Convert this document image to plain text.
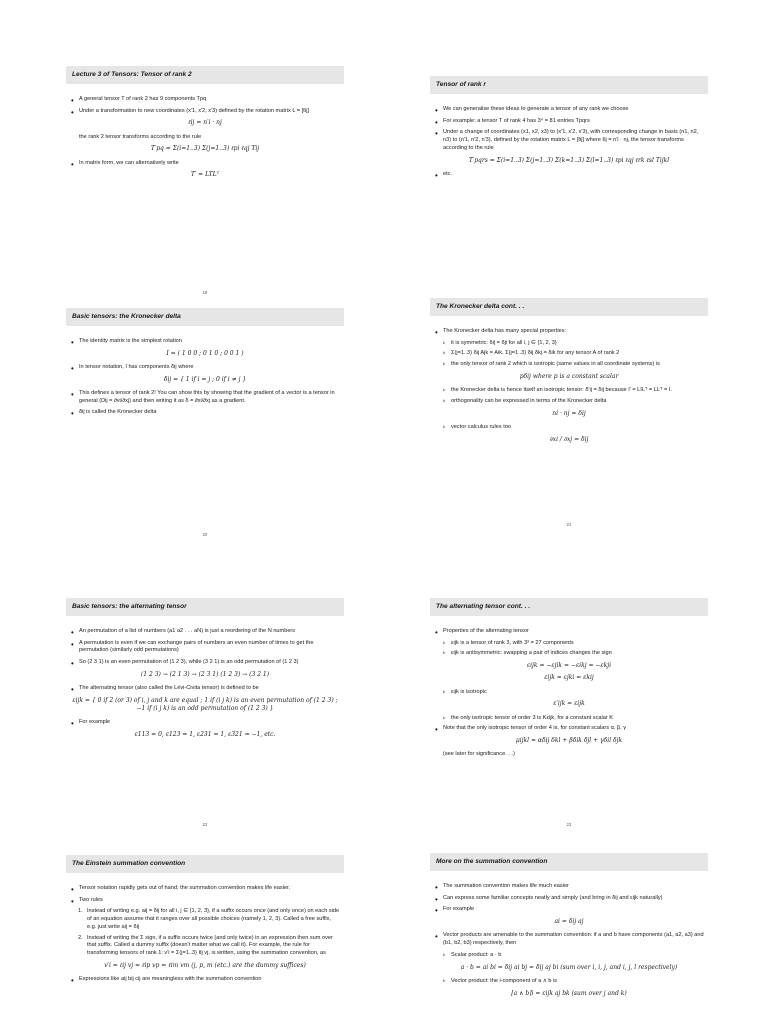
Lecture 3 of Tensors: Tensor of rank 2
• A general tensor T of rank 2 has 9 components Tpq
• Under a transformation to new coordinates (x′1, x′2, x′3) defined by the rotation matrix L = [ℓij]
ℓij = n′i · nj
the rank 2 tensor transforms according to the rule
T′pq = Σ(i=1..3) Σ(j=1..3) ℓpi ℓqj Tij
• In matrix form, we can alternatively write
T′ = LTLᵀ
18
Tensor of rank r
• We can generalise these ideas to generate a tensor of any rank we choose
• For example: a tensor T of rank 4 has 3⁴ = 81 entries Tpqrs
• Under a change of coordinates (x1, x2, x3) to (x′1, x′2, x′3), with corresponding change in basis (n1, n2, n3) to (n′1, n′2, n′3), defined by the rotation matrix L = [ℓij] where ℓij = n′i · nj, the tensor transforms according to the rule
T′pqrs = Σ(i=1..3) Σ(j=1..3) Σ(k=1..3) Σ(l=1..3) ℓpi ℓqj ℓrk ℓsl Tijkl
• etc.
Basic tensors: the Kronecker delta
• The identity matrix is the simplest rotation
I = ( 1 0 0 ; 0 1 0 ; 0 0 1 )
• In tensor notation, I has components δij where
δij = { 1 if i = j ; 0 if i ≠ j }
• This defines a tensor of rank 2! You can show this by showing that the gradient of a vector is a tensor in general (Dij = ∂vi/∂xj) and then writing it as δ = ∂xi/∂xj as a gradient.
• δij is called the Kronecker delta
20
The Kronecker delta cont. . .
• The Kronecker delta has many special properties:
▹ it is symmetric: δij = δji for all i, j ∈ {1, 2, 3}
▹ Σ(j=1..3) δij Ajk = Aik, Σ(j=1..3) δij δkj = δik for any tensor A of rank 2
▹ the only tensor of rank 2 which is isotropic (same values in all coordinate systems) is
pδij where p is a constant scalar
▹ the Kronecker delta is hence itself an isotropic tensor: δ′ij = δij because I′ = LILᵀ = LLᵀ = I.
▹ orthogonality can be expressed in terms of the Kronecker delta
ni · nj = δij
▹ vector calculus rules too
∂xi / ∂xj = δij
21
Basic tensors: the alternating tensor
• An permutation of a list of numbers (a1 a2 . . . aN) is just a reordering of the N numbers
• A permutation is even if we can exchange pairs of numbers an even number of times to get the permutation (similarly odd permutations)
• So (2 3 1) is an even permutation of (1 2 3), while (3 2 1) is an odd permutation of (1 2 3)
(1 2 3) → (2 1 3) → (2 3 1) (1 2 3) → (3 2 1)
• The alternating tensor (also called the Lévi-Civita tensor) is defined to be
εijk = { 0 if 2 (or 3) of i, j and k are equal ; 1 if (i j k) is an even permutation of (1 2 3) ; −1 if (i j k) is an odd permutation of (1 2 3) }
• For example
ε113 = 0, ε123 = 1, ε231 = 1, ε321 = −1, etc.
22
The alternating tensor cont. . .
• Properties of the alternating tensor
▹ εijk is a tensor of rank 3, with 3³ = 27 components
▹ εijk is antisymmetric: swapping a pair of indices changes the sign
εijk = −εjik = −εikj = −εkji
εijk = εjki = εkij
▹ εijk is isotropic
ε′ijk = εijk
▹ the only isotropic tensor of order 3 is Kεijk, for a constant scalar K
• Note that the only isotropic tensor of order 4 is, for constant scalars α, β, γ
μijkl = αδij δkl + βδik δjl + γδil δjk
(see later for significance. . .)
23
The Einstein summation convention
• Tensor notation rapidly gets out of hand; the summation convention makes life easier.
• Two rules
1. Instead of writing e.g. aij = δij for all i, j ∈ {1, 2, 3}, if a suffix occurs once (and only once) on each side of an equation assume that it ranges over all possible choices (namely 1, 2, 3). Called a free suffix, e.g. just write aij = δij
2. Instead of writing the Σ sign, if a suffix occurs twice (and only twice) in an expression then sum over that suffix. Called a dummy suffix (doesn't matter what we call it). For example, the rule for transforming tensors of rank 1: v′i = Σ(j=1..3) ℓij vj, is written, using the summation convention, as
v′i = ℓij vj = ℓip vp = ℓim vm (j, p, m (etc.) are the dummy suffices)
• Expressions like aij bij cij are meaningless with the summation convention
More on the summation convention
• The summation convention makes life much easier
• Can express some familiar concepts neatly and simply (and bring in δij and εijk naturally)
• For example
ai = δij aj
• Vector products are amenable to the summation convention: if a and b have components (a1, a2, a3) and (b1, b2, b3) respectively, then
▹ Scalar product: a · b
a · b = ai bi = δij ai bj = δij aj bi (sum over i, i, j, and i, j, l respectively)
▹ Vector product: the i-component of a ∧ b is
[a ∧ b]i = εijk aj bk (sum over j and k)
